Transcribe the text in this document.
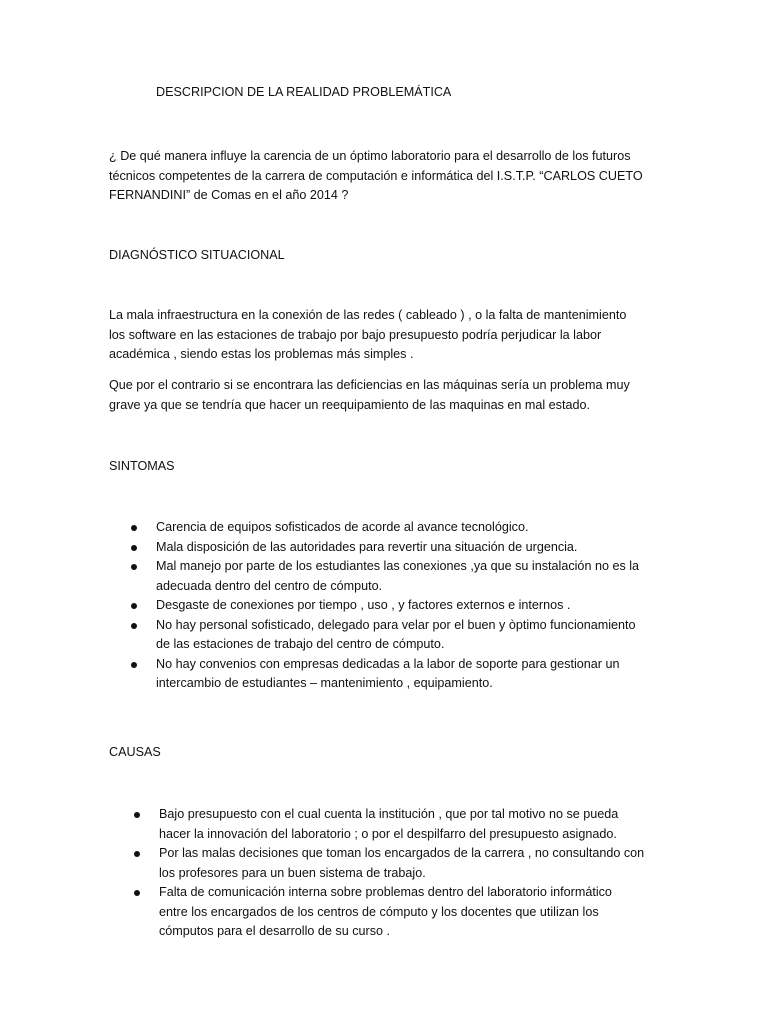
DESCRIPCION DE LA REALIDAD PROBLEMÁTICA
¿ De qué manera influye la carencia de un óptimo laboratorio para el desarrollo de los futuros
técnicos competentes de la carrera de computación e informática del I.S.T.P. “CARLOS CUETO
FERNANDINI” de Comas en el año 2014 ?
DIAGNÓSTICO SITUACIONAL
La mala infraestructura en la conexión de las redes ( cableado ) , o la falta de mantenimiento
los software en las estaciones de trabajo por bajo presupuesto podría perjudicar la labor
académica , siendo estas los problemas más simples .
Que por el contrario si se encontrara las deficiencias en las máquinas sería un problema muy
grave ya que se tendría que hacer un reequipamiento de las maquinas en mal estado.
SINTOMAS
Carencia de equipos sofisticados de acorde al avance tecnológico.
Mala disposición de las autoridades para revertir una situación de urgencia.
Mal manejo por parte de los estudiantes las conexiones ,ya que su instalación no es la
adecuada dentro del centro de cómputo.
Desgaste de conexiones por tiempo , uso , y factores externos e internos .
No hay personal sofisticado, delegado para velar por el buen y òptimo funcionamiento
de las estaciones de trabajo del centro de cómputo.
No hay convenios con empresas dedicadas a la labor de soporte para gestionar un
intercambio de estudiantes – mantenimiento , equipamiento.
CAUSAS
Bajo presupuesto con el cual cuenta la institución , que por tal motivo no se pueda
hacer la innovación del laboratorio ; o por el despilfarro del presupuesto asignado.
Por las malas decisiones que toman los encargados de la carrera , no consultando con
los profesores para un buen sistema de trabajo.
Falta de comunicación interna sobre problemas dentro del laboratorio informático
entre los encargados de los centros de cómputo y los docentes que utilizan los
cómputos para el desarrollo de su curso .
